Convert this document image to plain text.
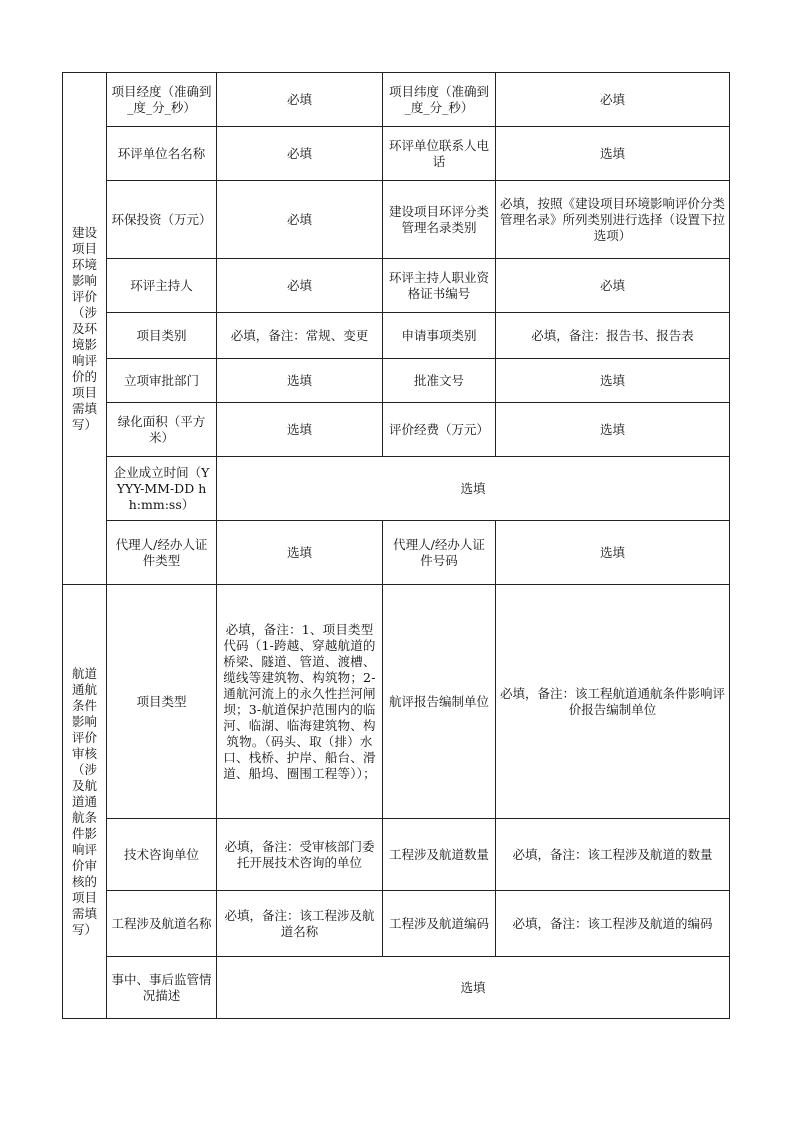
建设项目环境影响评价（涉及环境影响评价的项目需填写）	项目经度（准确到_度_分_秒）	必填	项目纬度（准确到_度_分_秒）	必填
	环评单位名名称	必填	环评单位联系人电话	选填
	环保投资（万元）	必填	建设项目环评分类管理名录类别	必填，按照《建设项目环境影响评价分类管理名录》所列类别进行选择（设置下拉选项）
	环评主持人	必填	环评主持人职业资格证书编号	必填
	项目类别	必填，备注：常规、变更	申请事项类别	必填，备注：报告书、报告表
	立项审批部门	选填	批准文号	选填
	绿化面积（平方米）	选填	评价经费（万元）	选填
	企业成立时间（YYYY-MM-DD hh:mm:ss）	选填		
	代理人/经办人证件类型	选填	代理人/经办人证件号码	选填
航道通航条件影响评价审核（涉及航道通航条件影响评价审核的项目需填写）	项目类型	必填，备注：1、项目类型代码（1-跨越、穿越航道的桥梁、隧道、管道、渡槽、缆线等建筑物、构筑物；2-通航河流上的永久性拦河闸坝；3-航道保护范围内的临河、临湖、临海建筑物、构筑物。（码头、取（排）水口、栈桥、护岸、船台、滑道、船坞、圈围工程等））；	航评报告编制单位	必填，备注：该工程航道通航条件影响评价报告编制单位
	技术咨询单位	必填，备注：受审核部门委托开展技术咨询的单位	工程涉及航道数量	必填，备注：该工程涉及航道的数量
	工程涉及航道名称	必填，备注：该工程涉及航道名称	工程涉及航道编码	必填，备注：该工程涉及航道的编码
	事中、事后监管情况描述	选填		
